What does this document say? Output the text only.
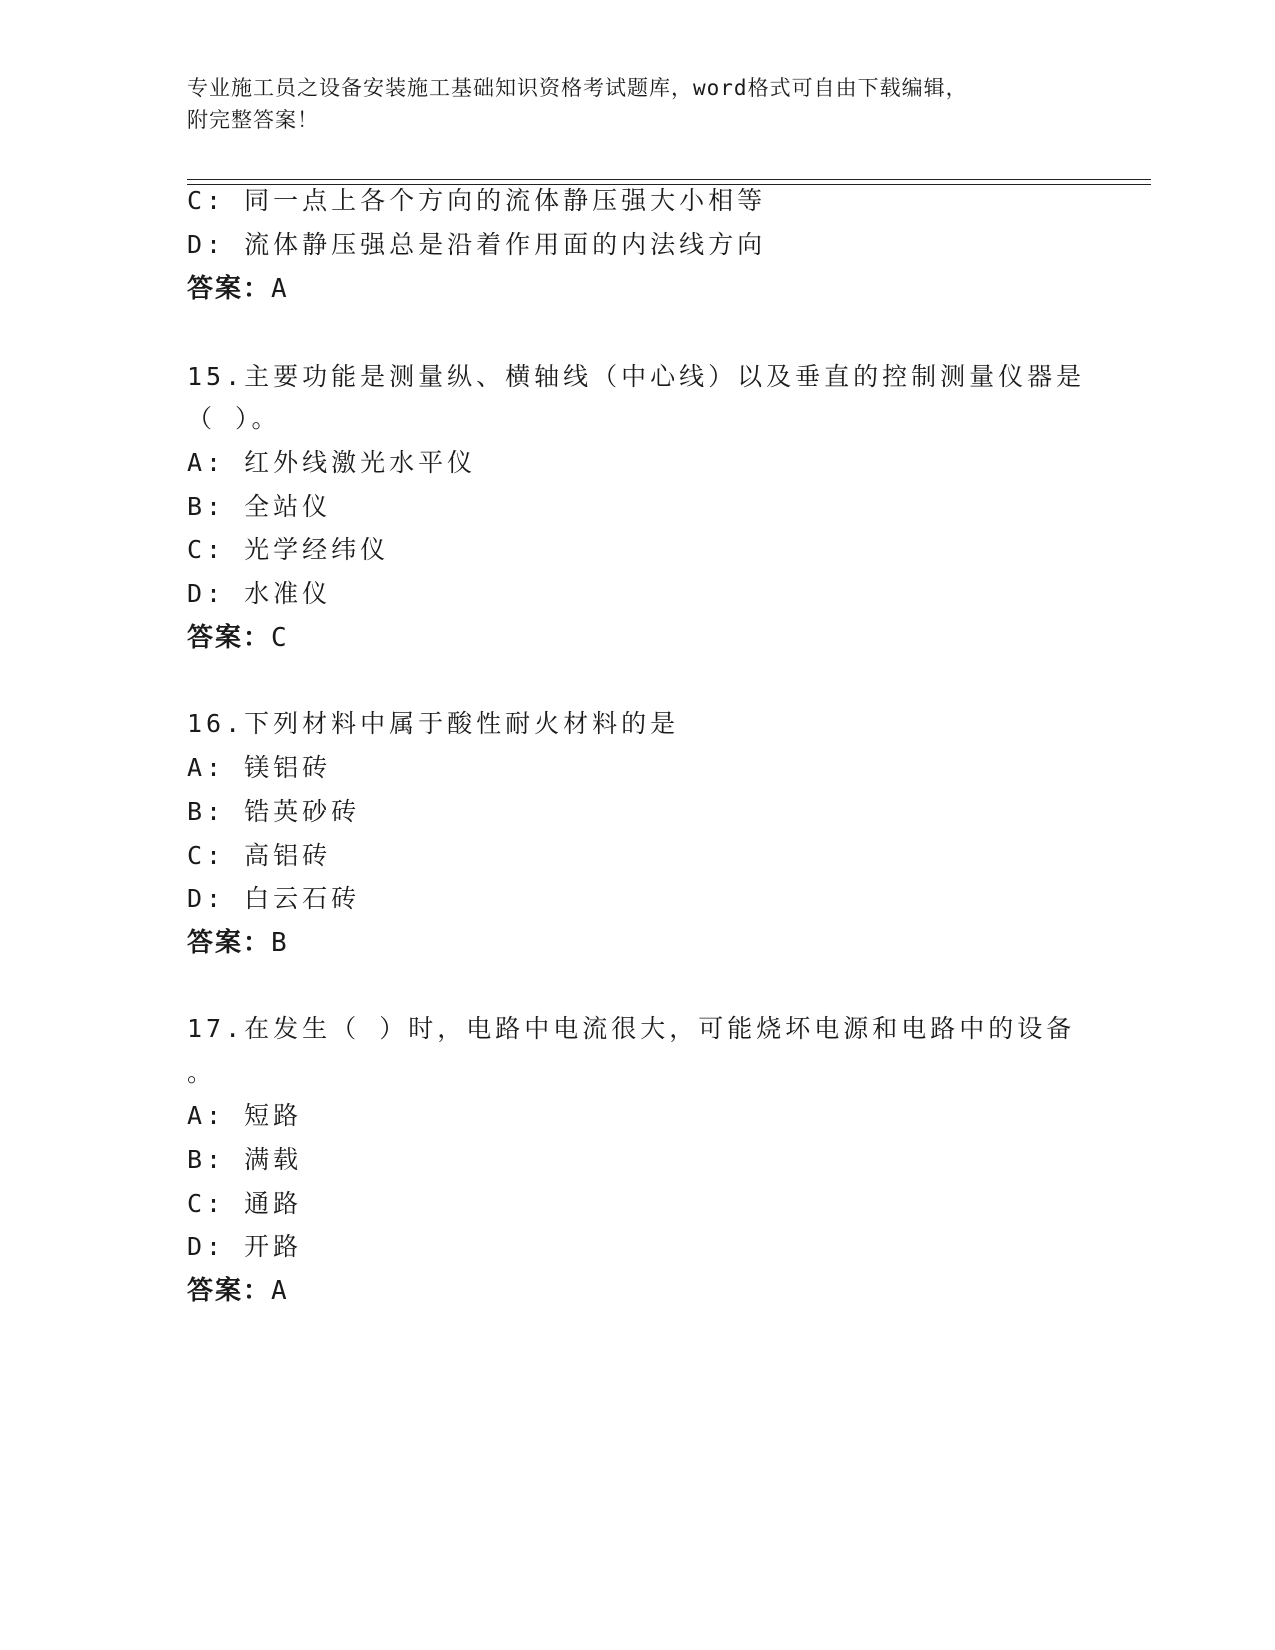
专业施工员之设备安装施工基础知识资格考试题库，word格式可自由下载编辑，
附完整答案！
C: 同一点上各个方向的流体静压强大小相等
D: 流体静压强总是沿着作用面的内法线方向
答案：A
15.主要功能是测量纵、横轴线（中心线）以及垂直的控制测量仪器是
（ ）。
A: 红外线激光水平仪
B: 全站仪
C: 光学经纬仪
D: 水准仪
答案：C
16.下列材料中属于酸性耐火材料的是
A: 镁铝砖
B: 锆英砂砖
C: 高铝砖
D: 白云石砖
答案：B
17.在发生（ ）时，电路中电流很大，可能烧坏电源和电路中的设备
。
A: 短路
B: 满载
C: 通路
D: 开路
答案：A
